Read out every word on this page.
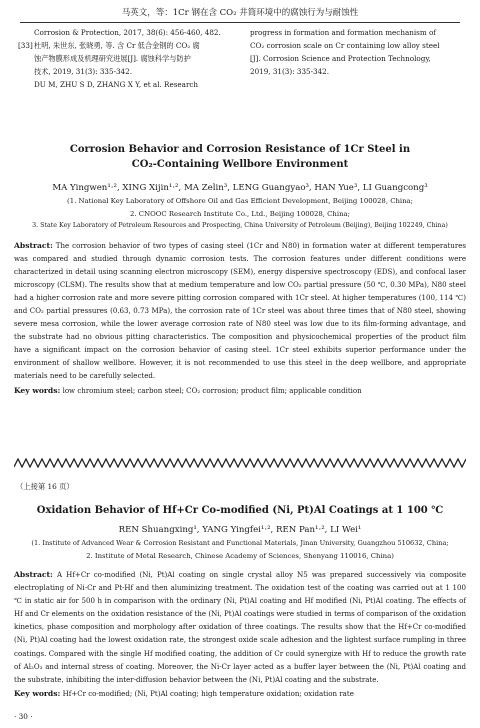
马英文，等：1Cr 钢在含 CO₂ 井筒环境中的腐蚀行为与耐蚀性
Corrosion & Protection, 2017, 38(6): 456-460, 482.
[33]杜明, 朱世东, 张晓勇, 等. 含 Cr 低合金钢的 CO₂ 腐
蚀产物膜形成及机理研究进展[J]. 腐蚀科学与防护
技术, 2019, 31(3): 335-342.
DU M, ZHU S D, ZHANG X Y, et al. Research
progress in formation and formation mechanism of
CO₂ corrosion scale on Cr containing low alloy steel
[J]. Corrosion Science and Protection Technology,
2019, 31(3): 335-342.
Corrosion Behavior and Corrosion Resistance of 1Cr Steel in
CO₂-Containing Wellbore Environment
MA Yingwen¹·², XING Xijin¹·², MA Zelin³, LENG Guangyao³, HAN Yue³, LI Guangcong³
(1. National Key Laboratory of Offshore Oil and Gas Efficient Development, Beijing 100028, China;
2. CNOOC Research Institute Co., Ltd., Beijing 100028, China;
3. State Key Laboratory of Petroleum Resources and Prospecting, China University of Petroleum (Beijing), Beijing 102249, China)
Abstract: The corrosion behavior of two types of casing steel (1Cr and N80) in formation water at different temperatures was compared and studied through dynamic corrosion tests. The corrosion features under different conditions were characterized in detail using scanning electron microscopy (SEM), energy dispersive spectroscopy (EDS), and confocal laser microscopy (CLSM). The results show that at medium temperature and low CO₂ partial pressure (50 ℃, 0.30 MPa), N80 steel had a higher corrosion rate and more severe pitting corrosion compared with 1Cr steel. At higher temperatures (100, 114 ℃) and CO₂ partial pressures (0.63, 0.73 MPa), the corrosion rate of 1Cr steel was about three times that of N80 steel, showing severe mesa corrosion, while the lower average corrosion rate of N80 steel was low due to its film-forming advantage, and the substrate had no obvious pitting characteristics. The composition and physicochemical properties of the product film have a significant impact on the corrosion behavior of casing steel. 1Cr steel exhibits superior performance under the environment of shallow wellbore. However, it is not recommended to use this steel in the deep wellbore, and appropriate materials need to be carefully selected.
Key words: low chromium steel; carbon steel; CO₂ corrosion; product film; applicable condition
（上接第 16 页）
Oxidation Behavior of Hf+Cr Co-modified (Ni, Pt)Al Coatings at 1 100 ℃
REN Shuangxing¹, YANG Yingfei¹·², REN Pan¹·², LI Wei¹
(1. Institute of Advanced Wear & Corrosion Resistant and Functional Materials, Jinan University, Guangzhou 510632, China;
2. Institute of Metal Research, Chinese Academy of Sciences, Shenyang 110016, China)
Abstract: A Hf+Cr co-modified (Ni, Pt)Al coating on single crystal alloy N5 was prepared successively via composite electroplating of Ni-Cr and Pt-Hf and then aluminizing treatment. The oxidation test of the coating was carried out at 1 100 ℃ in static air for 500 h in comparison with the ordinary (Ni, Pt)Al coating and Hf modified (Ni, Pt)Al coating. The effects of Hf and Cr elements on the oxidation resistance of the (Ni, Pt)Al coatings were studied in terms of comparison of the oxidation kinetics, phase composition and morphology after oxidation of three coatings. The results show that the Hf+Cr co-modified (Ni, Pt)Al coating had the lowest oxidation rate, the strongest oxide scale adhesion and the lightest surface rumpling in three coatings. Compared with the single Hf modified coating, the addition of Cr could synergize with Hf to reduce the growth rate of Al₂O₃ and internal stress of coating. Moreover, the Ni-Cr layer acted as a buffer layer between the (Ni, Pt)Al coating and the substrate, inhibiting the inter-diffusion behavior between the (Ni, Pt)Al coating and the substrate.
Key words: Hf+Cr co-modified; (Ni, Pt)Al coating; high temperature oxidation; oxidation rate
· 30 ·
